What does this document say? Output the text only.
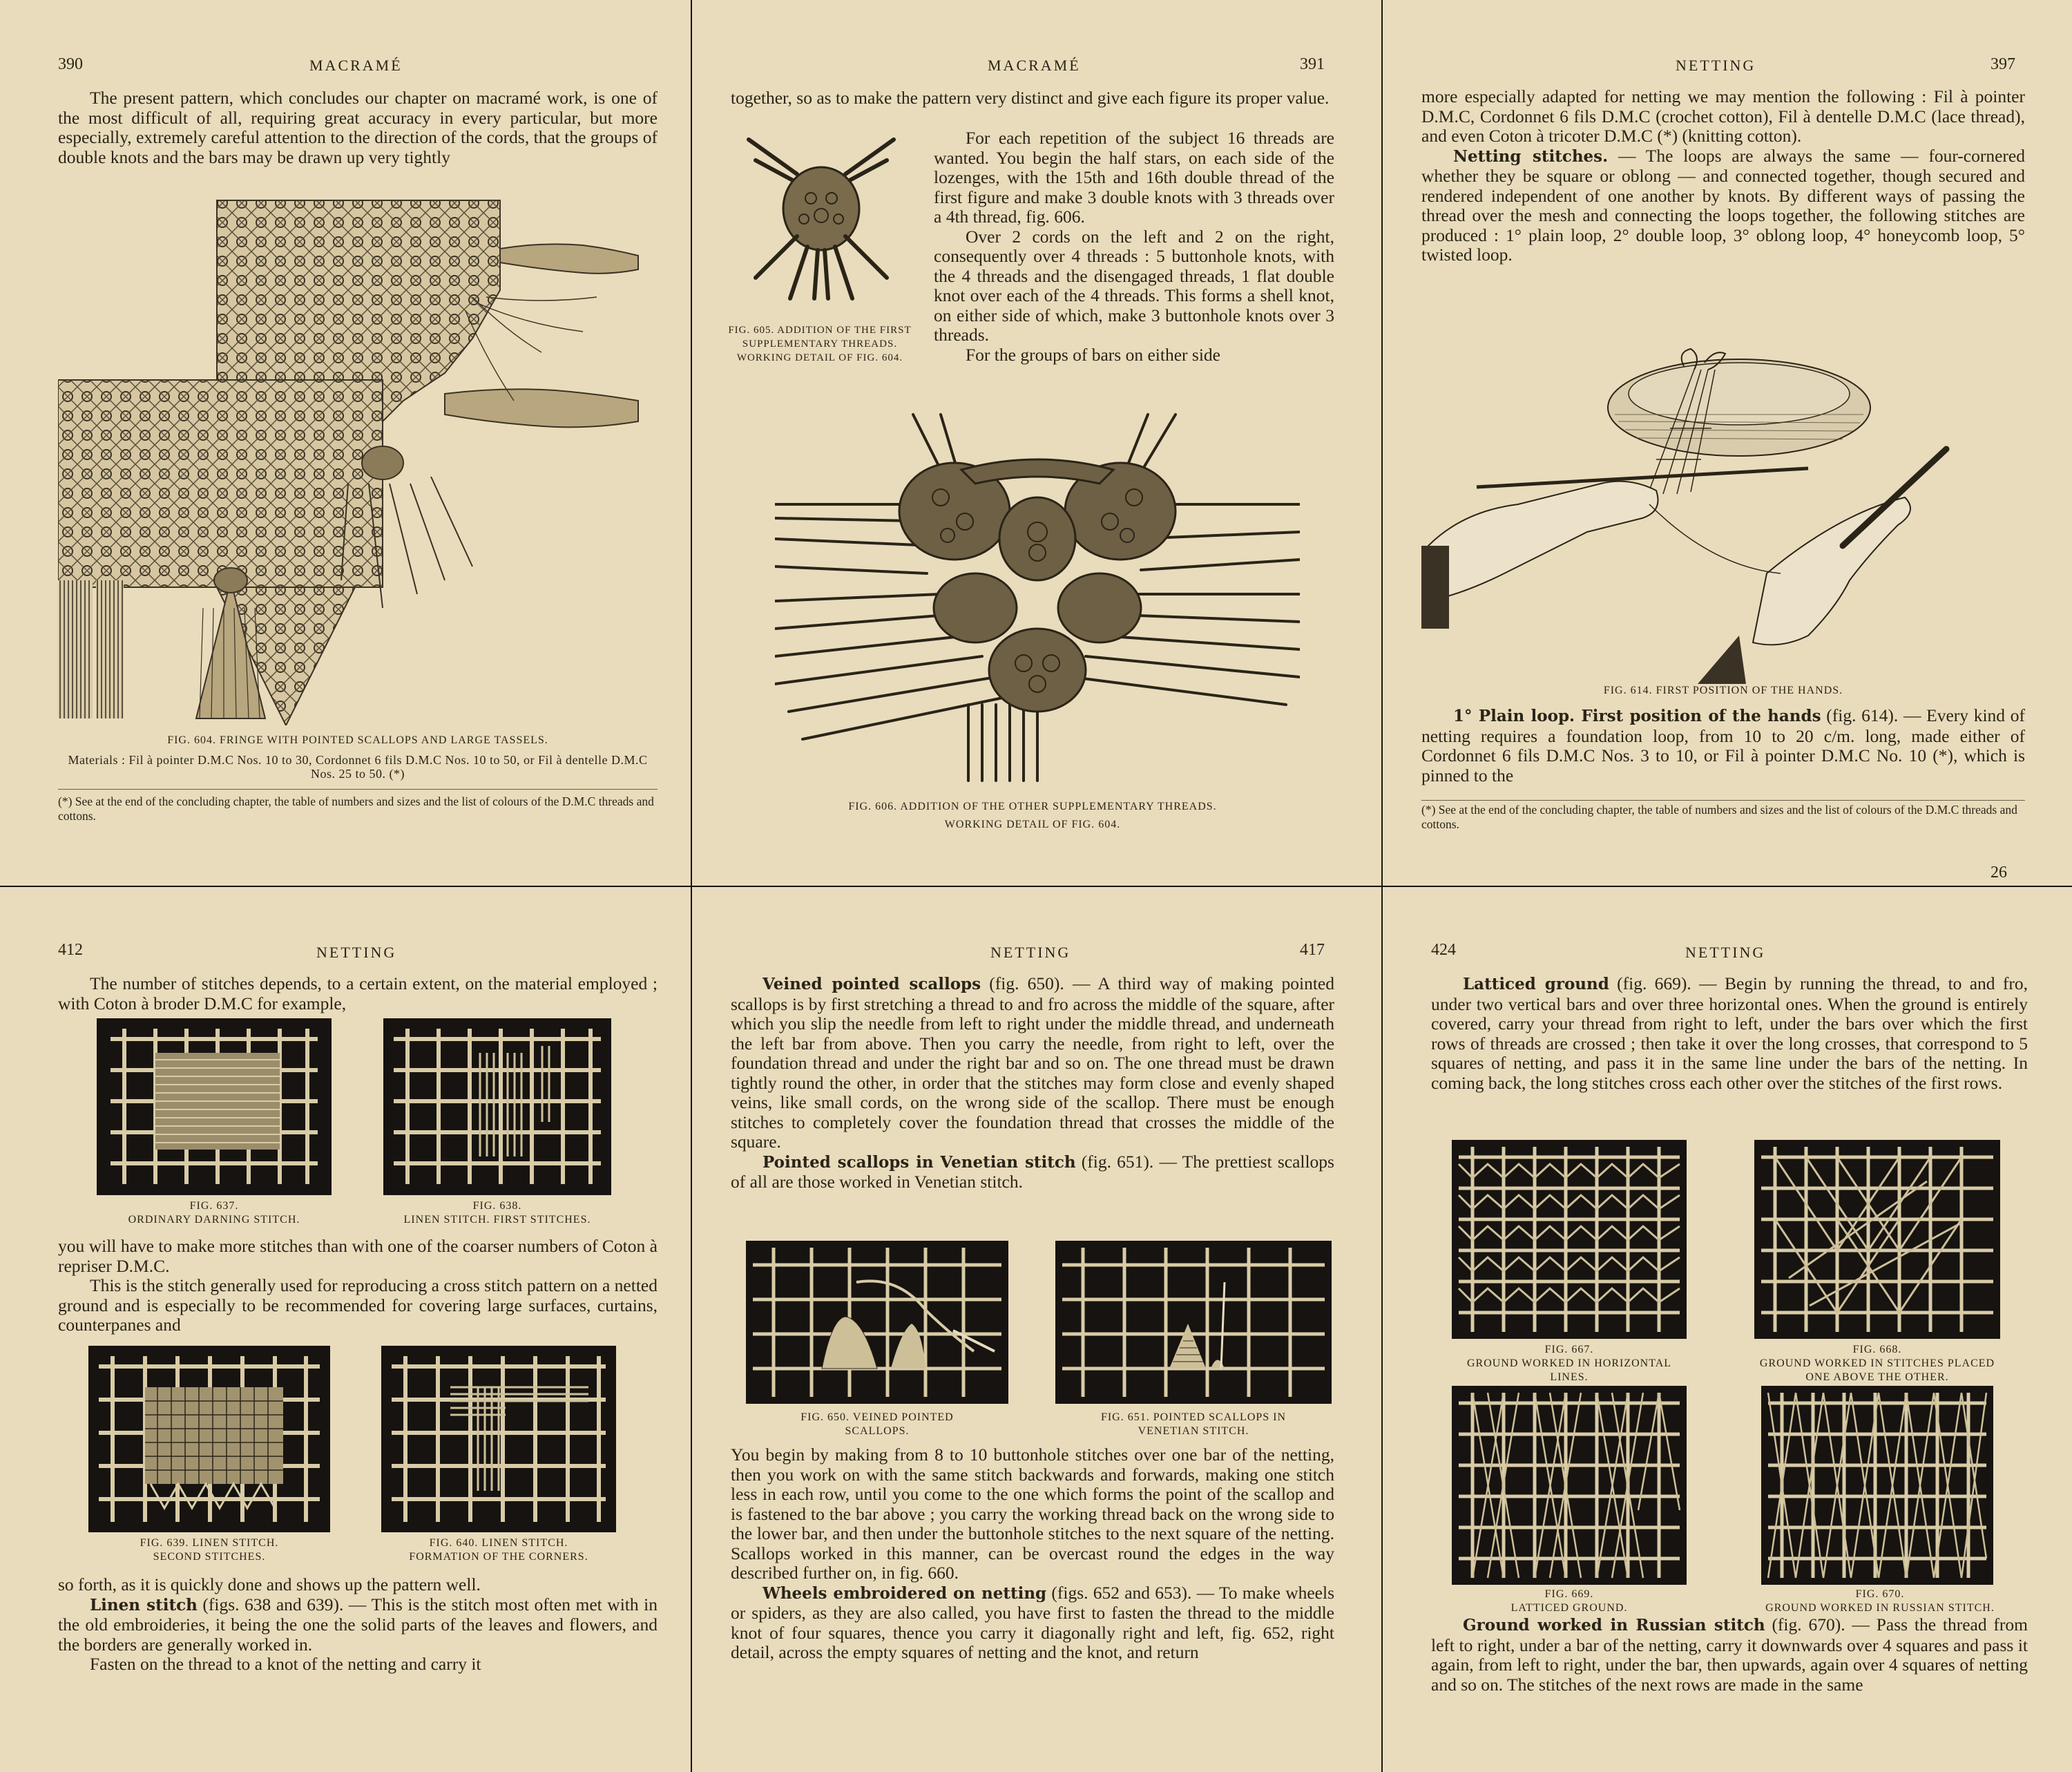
390	MACRAMÉ

The present pattern, which concludes our chapter on macramé work, is one of the most difficult of all, requiring great accuracy in every particular, but more especially, extremely careful attention to the direction of the cords, that the groups of double knots and the bars may be drawn up very tightly

FIG. 604. FRINGE WITH POINTED SCALLOPS AND LARGE TASSELS.
Materials : Fil à pointer D.M.C Nos. 10 to 30, Cordonnet 6 fils D.M.C Nos. 10 to 50, or Fil à dentelle D.M.C Nos. 25 to 50. (*)
(*) See at the end of the concluding chapter, the table of numbers and sizes and the list of colours of the D.M.C threads and cottons.
MACRAMÉ	391
together, so as to make the pattern very distinct and give each figure its proper value.
FIG. 605. ADDITION OF THE FIRST SUPPLEMENTARY THREADS. WORKING DETAIL OF FIG. 604.

For each repetition of the subject 16 threads are wanted. You begin the half stars, on each side of the lozenges, with the 15th and 16th double thread of the first figure and make 3 double knots with 3 threads over a 4th thread, fig. 606.

Over 2 cords on the left and 2 on the right, consequently over 4 threads : 5 buttonhole knots, with the 4 threads and the disengaged threads, 1 flat double knot over each of the 4 threads. This forms a shell knot, on either side of which, make 3 buttonhole knots over 3 threads.

For the groups of bars on either side

FIG. 606. ADDITION OF THE OTHER SUPPLEMENTARY THREADS.
WORKING DETAIL OF FIG. 604.
NETTING	397

more especially adapted for netting we may mention the following : Fil à pointer D.M.C, Cordonnet 6 fils D.M.C (crochet cotton), Fil à dentelle D.M.C (lace thread), and even Coton à tricoter D.M.C (*) (knitting cotton).

Netting stitches. — The loops are always the same — four-cornered whether they be square or oblong — and connected together, though secured and rendered independent of one another by knots. By different ways of passing the thread over the mesh and connecting the loops together, the following stitches are produced : 1° plain loop, 2° double loop, 3° oblong loop, 4° honeycomb loop, 5° twisted loop.

FIG. 614. FIRST POSITION OF THE HANDS.

1° Plain loop. First position of the hands (fig. 614). — Every kind of netting requires a foundation loop, from 10 to 20 c/m. long, made either of Cordonnet 6 fils D.M.C Nos. 3 to 10, or Fil à pointer D.M.C No. 10 (*), which is pinned to the

(*) See at the end of the concluding chapter, the table of numbers and sizes and the list of colours of the D.M.C threads and cottons.
26
412	NETTING

The number of stitches depends, to a certain extent, on the material employed ; with Coton à broder D.M.C for example,

FIG. 637.
ORDINARY DARNING STITCH.
FIG. 638.
LINEN STITCH. FIRST STITCHES.

you will have to make more stitches than with one of the coarser numbers of Coton à repriser D.M.C.

This is the stitch generally used for reproducing a cross stitch pattern on a netted ground and is especially to be recommended for covering large surfaces, curtains, counterpanes and

FIG. 639. LINEN STITCH.
SECOND STITCHES.
FIG. 640. LINEN STITCH.
FORMATION OF THE CORNERS.

so forth, as it is quickly done and shows up the pattern well.

Linen stitch (figs. 638 and 639). — This is the stitch most often met with in the old embroideries, it being the one the solid parts of the leaves and flowers, and the borders are generally worked in.

Fasten on the thread to a knot of the netting and carry it

NETTING	417

Veined pointed scallops (fig. 650). — A third way of making pointed scallops is by first stretching a thread to and fro across the middle of the square, after which you slip the needle from left to right under the middle thread, and underneath the left bar from above. Then you carry the needle, from right to left, over the foundation thread and under the right bar and so on. The one thread must be drawn tightly round the other, in order that the stitches may form close and evenly shaped veins, like small cords, on the wrong side of the scallop. There must be enough stitches to completely cover the foundation thread that crosses the middle of the square.

Pointed scallops in Venetian stitch (fig. 651). — The prettiest scallops of all are those worked in Venetian stitch.

FIG. 650. VEINED POINTED
SCALLOPS.
FIG. 651. POINTED SCALLOPS IN
VENETIAN STITCH.

You begin by making from 8 to 10 buttonhole stitches over one bar of the netting, then you work on with the same stitch backwards and forwards, making one stitch less in each row, until you come to the one which forms the point of the scallop and is fastened to the bar above ; you carry the working thread back on the wrong side to the lower bar, and then under the buttonhole stitches to the next square of the netting. Scallops worked in this manner, can be overcast round the edges in the way described further on, in fig. 660.

Wheels embroidered on netting (figs. 652 and 653). — To make wheels or spiders, as they are also called, you have first to fasten the thread to the middle knot of four squares, thence you carry it diagonally right and left, fig. 652, right detail, across the empty squares of netting and the knot, and return

424	NETTING

Latticed ground (fig. 669). — Begin by running the thread, to and fro, under two vertical bars and over three horizontal ones. When the ground is entirely covered, carry your thread from right to left, under the bars over which the first rows of threads are crossed ; then take it over the long crosses, that correspond to 5 squares of netting, and pass it in the same line under the bars of the netting. In coming back, the long stitches cross each other over the stitches of the first rows.

FIG. 667.
GROUND WORKED IN HORIZONTAL
LINES.
FIG. 668.
GROUND WORKED IN STITCHES PLACED
ONE ABOVE THE OTHER.
FIG. 669.
LATTICED GROUND.
FIG. 670.
GROUND WORKED IN RUSSIAN STITCH.

Ground worked in Russian stitch (fig. 670). — Pass the thread from left to right, under a bar of the netting, carry it downwards over 4 squares and pass it again, from left to right, under the bar, then upwards, again over 4 squares of netting and so on. The stitches of the next rows are made in the same
